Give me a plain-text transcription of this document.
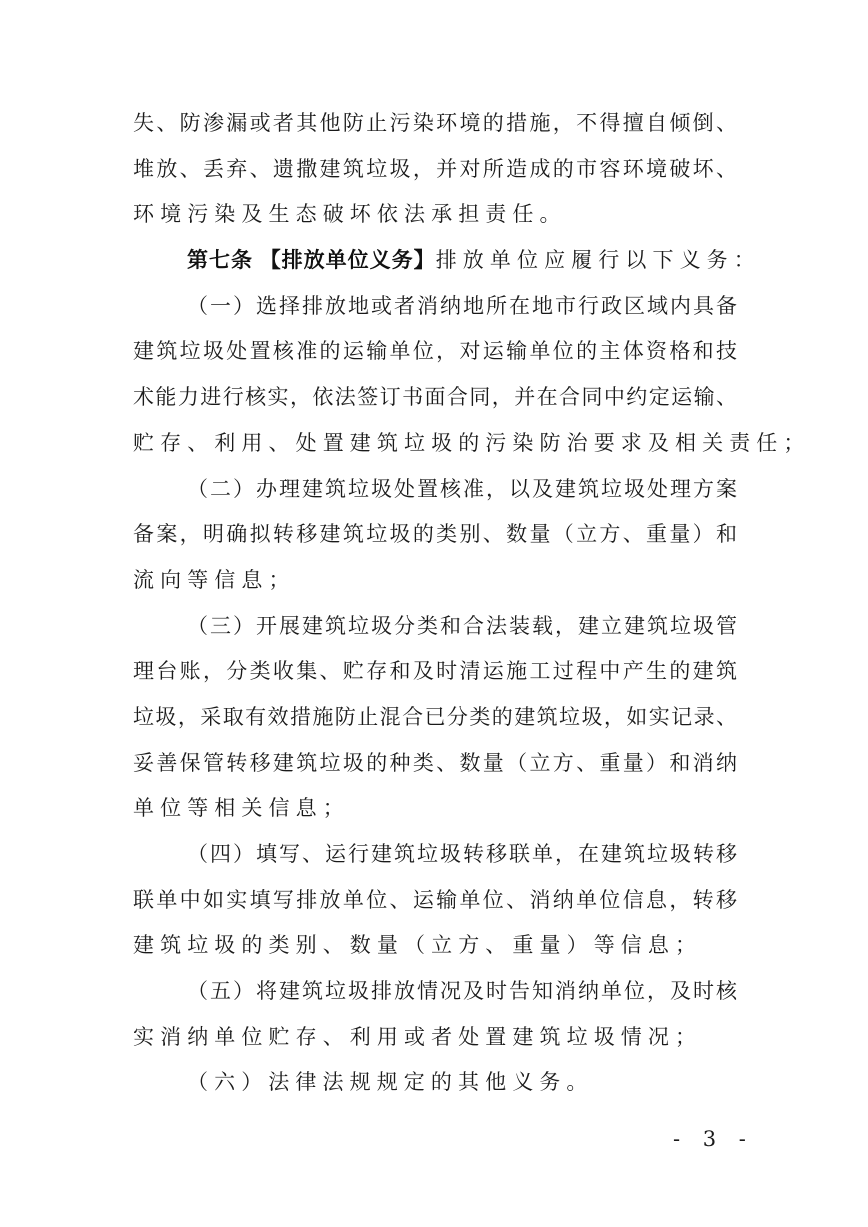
失、防渗漏或者其他防止污染环境的措施，不得擅自倾倒、
堆放、丢弃、遗撒建筑垃圾，并对所造成的市容环境破坏、
环境污染及生态破坏依法承担责任。
第七条 【排放单位义务】排放单位应履行以下义务：
（一）选择排放地或者消纳地所在地市行政区域内具备
建筑垃圾处置核准的运输单位，对运输单位的主体资格和技
术能力进行核实，依法签订书面合同，并在合同中约定运输、
贮存、利用、处置建筑垃圾的污染防治要求及相关责任；
（二）办理建筑垃圾处置核准，以及建筑垃圾处理方案
备案，明确拟转移建筑垃圾的类别、数量（立方、重量）和
流向等信息；
（三）开展建筑垃圾分类和合法装载，建立建筑垃圾管
理台账，分类收集、贮存和及时清运施工过程中产生的建筑
垃圾，采取有效措施防止混合已分类的建筑垃圾，如实记录、
妥善保管转移建筑垃圾的种类、数量（立方、重量）和消纳
单位等相关信息；
（四）填写、运行建筑垃圾转移联单，在建筑垃圾转移
联单中如实填写排放单位、运输单位、消纳单位信息，转移
建筑垃圾的类别、数量（立方、重量）等信息；
（五）将建筑垃圾排放情况及时告知消纳单位，及时核
实消纳单位贮存、利用或者处置建筑垃圾情况；
（六）法律法规规定的其他义务。
- 3 -
